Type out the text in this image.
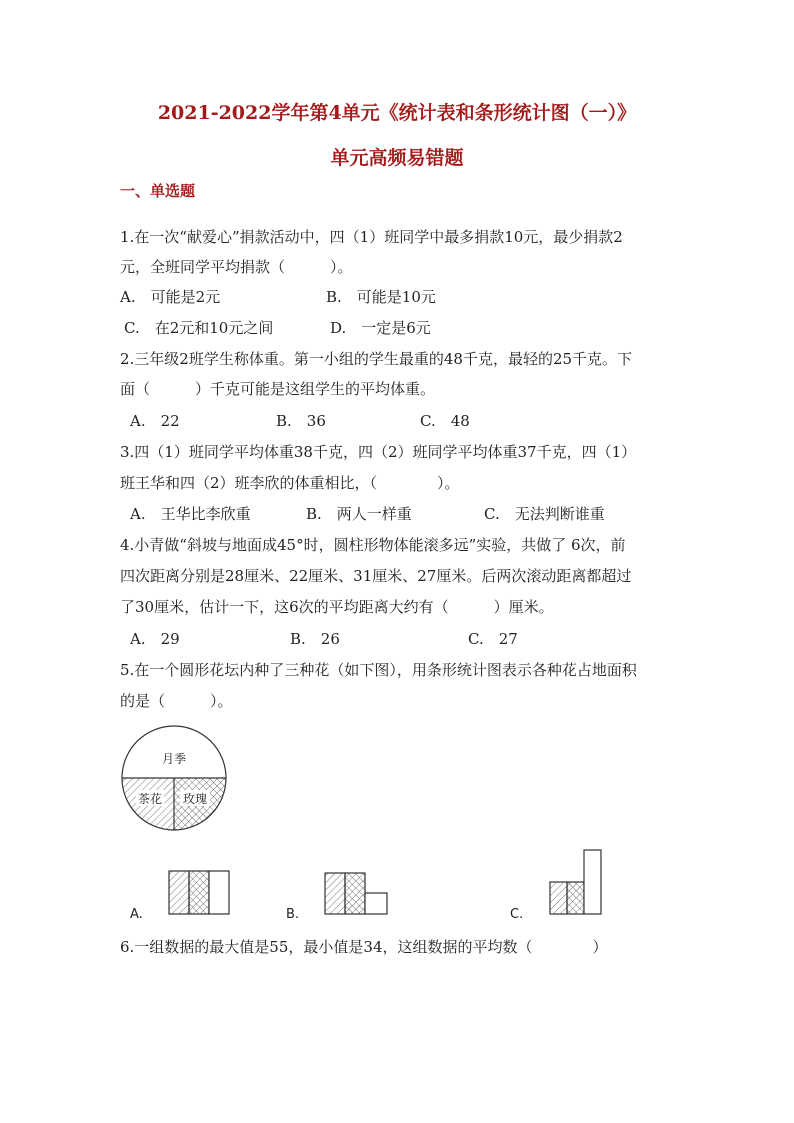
2021-2022学年第4单元《统计表和条形统计图（一）》
单元高频易错题
一、单选题
1.在一次“献爱心”捐款活动中，四（1）班同学中最多捐款10元，最少捐款2
元，全班同学平均捐款（　　　）。
A.　可能是2元	B.　可能是10元
C.　在2元和10元之间	D.　一定是6元
2.三年级2班学生称体重。第一小组的学生最重的48千克，最轻的25千克。下
面（　　　）千克可能是这组学生的平均体重。
A.　22	B.　36	C.　48
3.四（1）班同学平均体重38千克，四（2）班同学平均体重37千克，四（1）
班王华和四（2）班李欣的体重相比，（　　　　）。
A.　王华比李欣重	B.　两人一样重	C.　无法判断谁重
4.小青做“斜坡与地面成45°时，圆柱形物体能滚多远”实验，共做了 6次，前
四次距离分别是28厘米、22厘米、31厘米、27厘米。后两次滚动距离都超过
了30厘米，估计一下，这6次的平均距离大约有（　　　）厘米。
A.　29	B.　26	C.　27
5.在一个圆形花坛内种了三种花（如下图），用条形统计图表示各种花占地面积
的是（　　　）。
月季
茶花 玫瑰
A.	B.	C.
6.一组数据的最大值是55，最小值是34，这组数据的平均数（　　　　）
